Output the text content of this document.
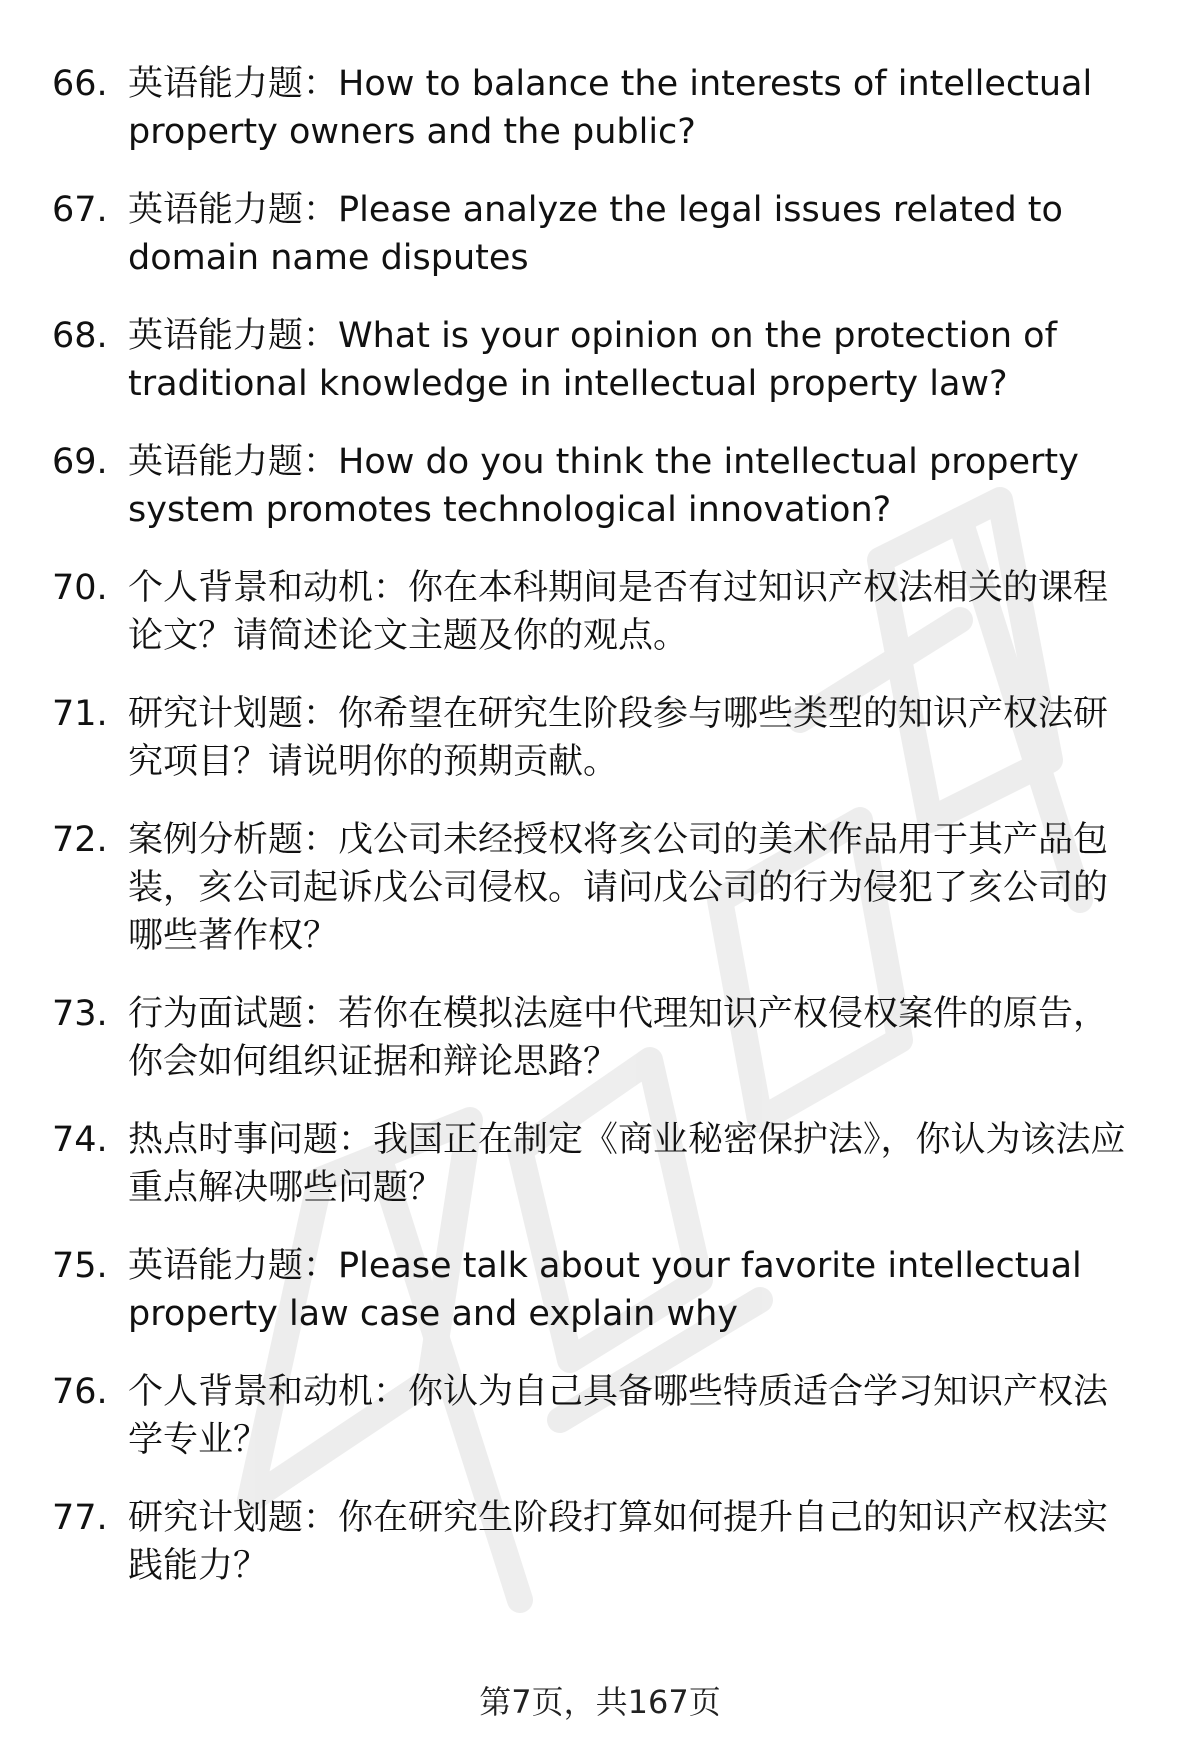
66. 英语能力题：How to balance the interests of intellectual property owners and the public?
67. 英语能力题：Please analyze the legal issues related to domain name disputes
68. 英语能力题：What is your opinion on the protection of traditional knowledge in intellectual property law?
69. 英语能力题：How do you think the intellectual property system promotes technological innovation?
70. 个人背景和动机：你在本科期间是否有过知识产权法相关的课程论文？请简述论文主题及你的观点。
71. 研究计划题：你希望在研究生阶段参与哪些类型的知识产权法研究项目？请说明你的预期贡献。
72. 案例分析题：戊公司未经授权将亥公司的美术作品用于其产品包装，亥公司起诉戊公司侵权。请问戊公司的行为侵犯了亥公司的哪些著作权？
73. 行为面试题：若你在模拟法庭中代理知识产权侵权案件的原告，你会如何组织证据和辩论思路？
74. 热点时事问题：我国正在制定《商业秘密保护法》，你认为该法应重点解决哪些问题？
75. 英语能力题：Please talk about your favorite intellectual property law case and explain why
76. 个人背景和动机：你认为自己具备哪些特质适合学习知识产权法学专业？
77. 研究计划题：你在研究生阶段打算如何提升自己的知识产权法实践能力？
第7页，共167页
